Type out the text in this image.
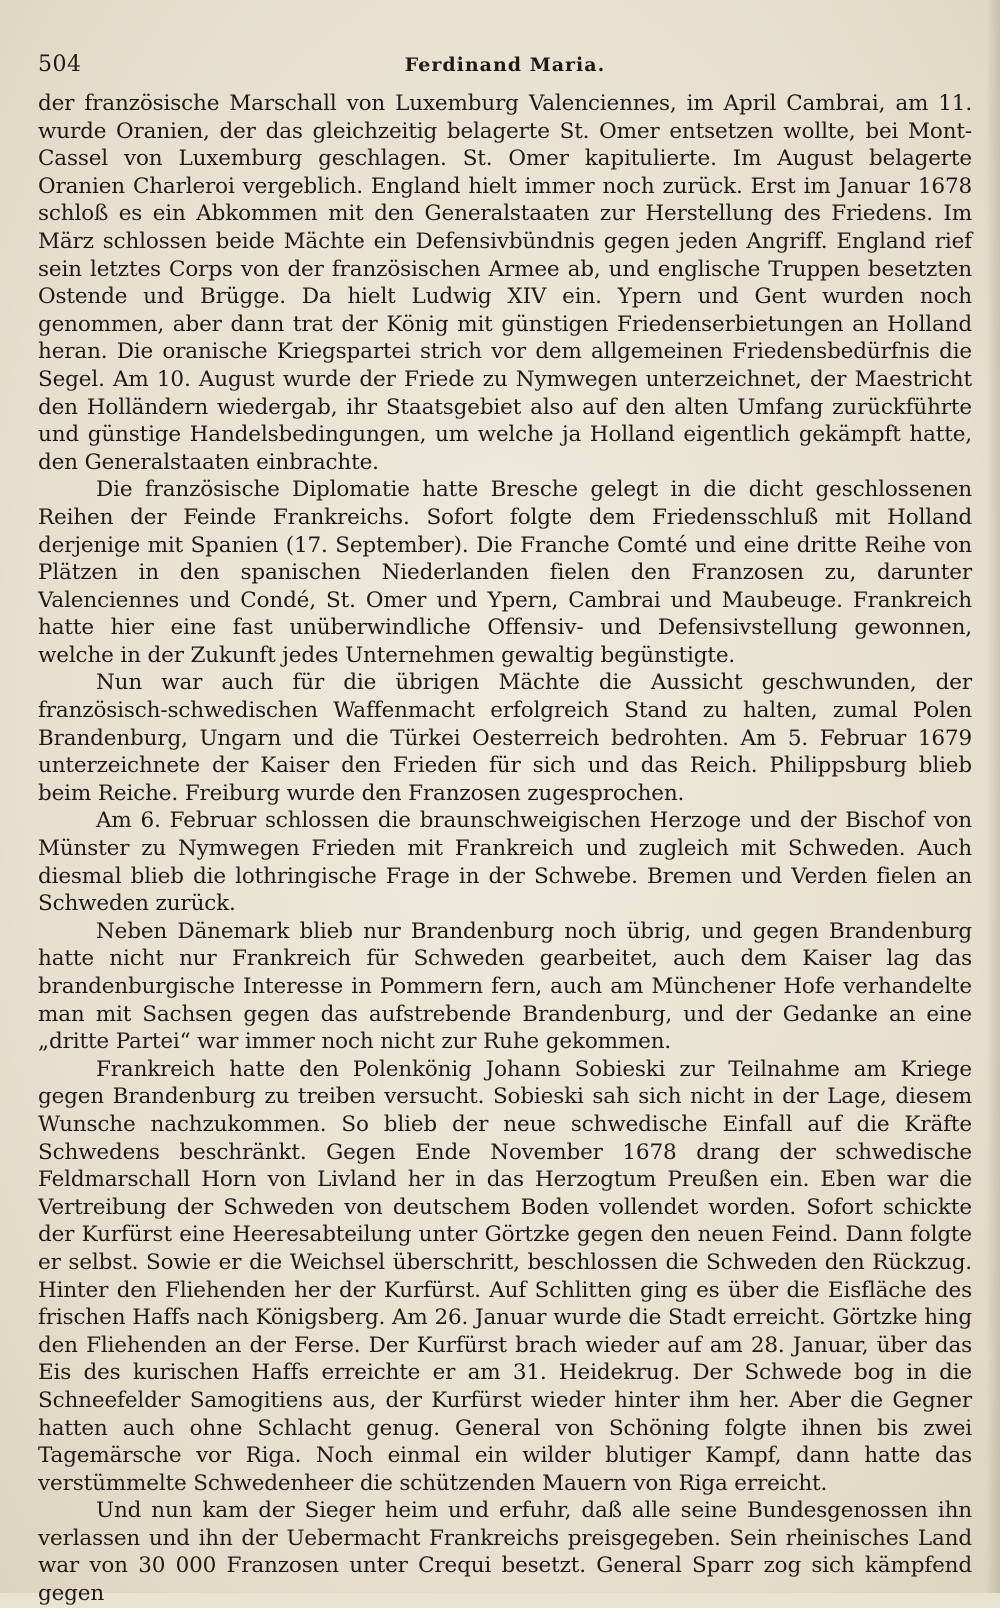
504	Ferdinand Maria.

der französische Marschall von Luxemburg Valenciennes, im April Cambrai, am 11. wurde Oranien, der das gleichzeitig belagerte St. Omer entsetzen wollte, bei Mont-Cassel von Luxemburg geschlagen. St. Omer kapitulierte. Im August belagerte Oranien Charleroi vergeblich. England hielt immer noch zurück. Erst im Januar 1678 schloß es ein Abkommen mit den Generalstaaten zur Herstellung des Friedens. Im März schlossen beide Mächte ein Defensivbündnis gegen jeden Angriff. England rief sein letztes Corps von der französischen Armee ab, und englische Truppen besetzten Ostende und Brügge. Da hielt Ludwig XIV ein. Ypern und Gent wurden noch genommen, aber dann trat der König mit günstigen Friedenserbietungen an Holland heran. Die oranische Kriegspartei strich vor dem allgemeinen Friedensbedürfnis die Segel. Am 10. August wurde der Friede zu Nymwegen unterzeichnet, der Maestricht den Holländern wiedergab, ihr Staatsgebiet also auf den alten Umfang zurückführte und günstige Handelsbedingungen, um welche ja Holland eigentlich gekämpft hatte, den Generalstaaten einbrachte.

Die französische Diplomatie hatte Bresche gelegt in die dicht geschlossenen Reihen der Feinde Frankreichs. Sofort folgte dem Friedensschluß mit Holland derjenige mit Spanien (17. September). Die Franche Comté und eine dritte Reihe von Plätzen in den spanischen Niederlanden fielen den Franzosen zu, darunter Valenciennes und Condé, St. Omer und Ypern, Cambrai und Maubeuge. Frankreich hatte hier eine fast unüberwindliche Offensiv- und Defensivstellung gewonnen, welche in der Zukunft jedes Unternehmen gewaltig begünstigte.

Nun war auch für die übrigen Mächte die Aussicht geschwunden, der französisch-schwedischen Waffenmacht erfolgreich Stand zu halten, zumal Polen Brandenburg, Ungarn und die Türkei Oesterreich bedrohten. Am 5. Februar 1679 unterzeichnete der Kaiser den Frieden für sich und das Reich. Philippsburg blieb beim Reiche. Freiburg wurde den Franzosen zugesprochen.

Am 6. Februar schlossen die braunschweigischen Herzoge und der Bischof von Münster zu Nymwegen Frieden mit Frankreich und zugleich mit Schweden. Auch diesmal blieb die lothringische Frage in der Schwebe. Bremen und Verden fielen an Schweden zurück.

Neben Dänemark blieb nur Brandenburg noch übrig, und gegen Brandenburg hatte nicht nur Frankreich für Schweden gearbeitet, auch dem Kaiser lag das brandenburgische Interesse in Pommern fern, auch am Münchener Hofe verhandelte man mit Sachsen gegen das aufstrebende Brandenburg, und der Gedanke an eine „dritte Partei“ war immer noch nicht zur Ruhe gekommen.

Frankreich hatte den Polenkönig Johann Sobieski zur Teilnahme am Kriege gegen Brandenburg zu treiben versucht. Sobieski sah sich nicht in der Lage, diesem Wunsche nachzukommen. So blieb der neue schwedische Einfall auf die Kräfte Schwedens beschränkt. Gegen Ende November 1678 drang der schwedische Feldmarschall Horn von Livland her in das Herzogtum Preußen ein. Eben war die Vertreibung der Schweden von deutschem Boden vollendet worden. Sofort schickte der Kurfürst eine Heeresabteilung unter Görtzke gegen den neuen Feind. Dann folgte er selbst. Sowie er die Weichsel überschritt, beschlossen die Schweden den Rückzug. Hinter den Fliehenden her der Kurfürst. Auf Schlitten ging es über die Eisfläche des frischen Haffs nach Königsberg. Am 26. Januar wurde die Stadt erreicht. Görtzke hing den Fliehenden an der Ferse. Der Kurfürst brach wieder auf am 28. Januar, über das Eis des kurischen Haffs erreichte er am 31. Heidekrug. Der Schwede bog in die Schneefelder Samogitiens aus, der Kurfürst wieder hinter ihm her. Aber die Gegner hatten auch ohne Schlacht genug. General von Schöning folgte ihnen bis zwei Tagemärsche vor Riga. Noch einmal ein wilder blutiger Kampf, dann hatte das verstümmelte Schwedenheer die schützenden Mauern von Riga erreicht.

Und nun kam der Sieger heim und erfuhr, daß alle seine Bundesgenossen ihn verlassen und ihn der Uebermacht Frankreichs preisgegeben. Sein rheinisches Land war von 30 000 Franzosen unter Crequi besetzt. General Sparr zog sich kämpfend gegen
